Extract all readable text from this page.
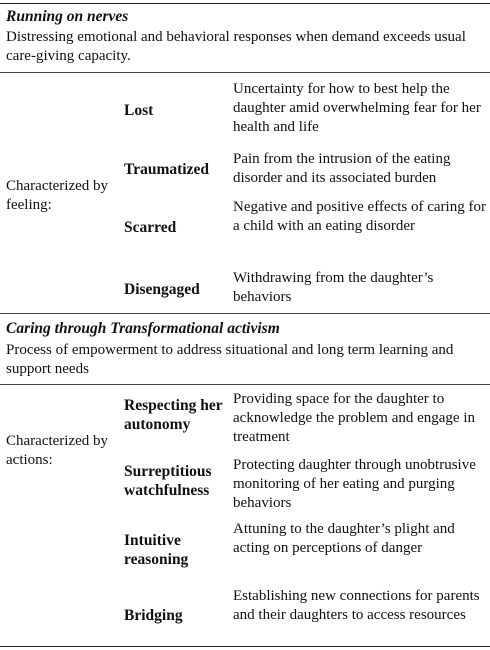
Running on nerves
Distressing emotional and behavioral responses when demand exceeds usual care-giving capacity.
Characterized by feeling:
Lost
Uncertainty for how to best help the daughter amid overwhelming fear for her health and life
Traumatized
Pain from the intrusion of the eating disorder and its associated burden
Scarred
Negative and positive effects of caring for a child with an eating disorder
Disengaged
Withdrawing from the daughter’s behaviors
Caring through Transformational activism
Process of empowerment to address situational and long term learning and support needs
Characterized by actions:
Respecting her autonomy
Providing space for the daughter to acknowledge the problem and engage in treatment
Surreptitious watchfulness
Protecting daughter through unobtrusive monitoring of her eating and purging behaviors
Intuitive reasoning
Attuning to the daughter’s plight and acting on perceptions of danger
Bridging
Establishing new connections for parents and their daughters to access resources
